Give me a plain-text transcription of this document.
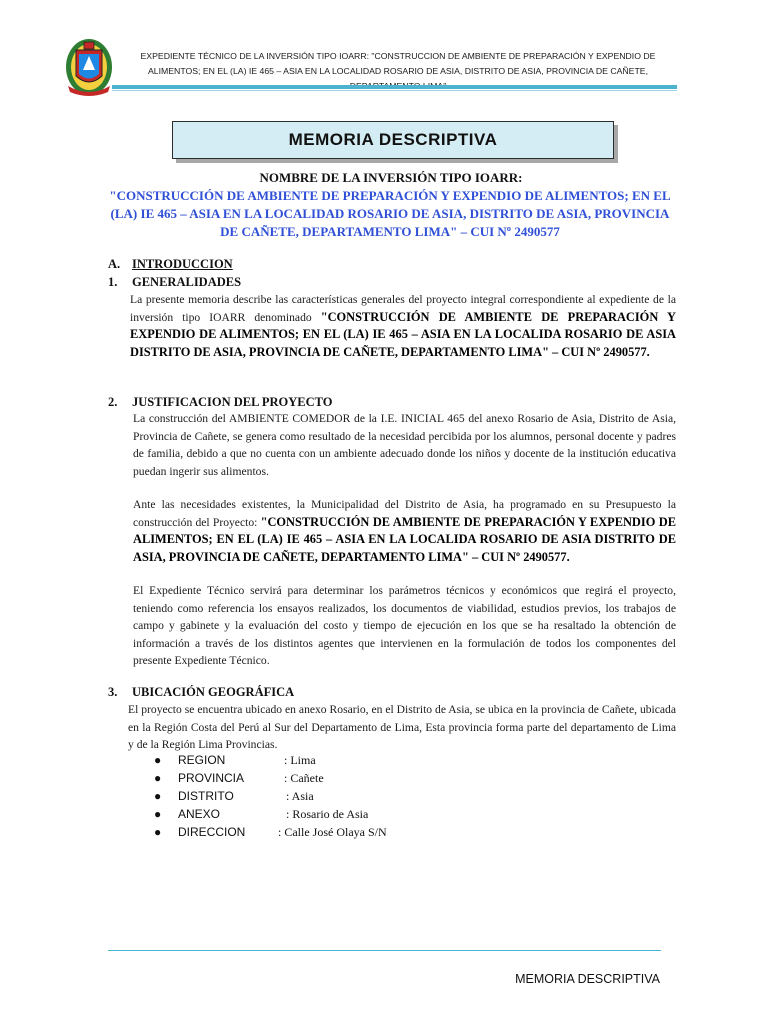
EXPEDIENTE TÉCNICO DE LA INVERSIÓN TIPO IOARR: "CONSTRUCCION DE AMBIENTE DE PREPARACIÓN Y EXPENDIO DE ALIMENTOS; EN EL (LA) IE 465 – ASIA EN LA LOCALIDAD ROSARIO DE ASIA, DISTRITO DE ASIA, PROVINCIA DE CAÑETE,
MEMORIA DESCRIPTIVA
NOMBRE DE LA INVERSIÓN TIPO IOARR:
"CONSTRUCCIÓN DE AMBIENTE DE PREPARACIÓN Y EXPENDIO DE ALIMENTOS; EN EL (LA) IE 465 – ASIA EN LA LOCALIDAD ROSARIO DE ASIA, DISTRITO DE ASIA, PROVINCIA DE CAÑETE, DEPARTAMENTO LIMA" – CUI Nº 2490577
A. INTRODUCCION
1. GENERALIDADES
La presente memoria describe las características generales del proyecto integral correspondiente al expediente de la inversión tipo IOARR denominado "CONSTRUCCIÓN DE AMBIENTE DE PREPARACIÓN Y EXPENDIO DE ALIMENTOS; EN EL (LA) IE 465 – ASIA EN LA LOCALIDA ROSARIO DE ASIA DISTRITO DE ASIA, PROVINCIA DE CAÑETE, DEPARTAMENTO LIMA" – CUI Nº 2490577.
2. JUSTIFICACION DEL PROYECTO
La construcción del AMBIENTE COMEDOR de la I.E. INICIAL 465 del anexo Rosario de Asia, Distrito de Asia, Provincia de Cañete, se genera como resultado de la necesidad percibida por los alumnos, personal docente y padres de familia, debido a que no cuenta con un ambiente adecuado donde los niños y docente de la institución educativa puedan ingerir sus alimentos.
Ante las necesidades existentes, la Municipalidad del Distrito de Asia, ha programado en su Presupuesto la construcción del Proyecto: "CONSTRUCCIÓN DE AMBIENTE DE PREPARACIÓN Y EXPENDIO DE ALIMENTOS; EN EL (LA) IE 465 – ASIA EN LA LOCALIDA ROSARIO DE ASIA DISTRITO DE ASIA, PROVINCIA DE CAÑETE, DEPARTAMENTO LIMA" – CUI Nº 2490577.
El Expediente Técnico servirá para determinar los parámetros técnicos y económicos que regirá el proyecto, teniendo como referencia los ensayos realizados, los documentos de viabilidad, estudios previos, los trabajos de campo y gabinete y la evaluación del costo y tiempo de ejecución en los que se ha resaltado la obtención de información a través de los distintos agentes que intervienen en la formulación de todos los componentes del presente Expediente Técnico.
3. UBICACIÓN GEOGRÁFICA
El proyecto se encuentra ubicado en anexo Rosario, en el Distrito de Asia, se ubica en la provincia de Cañete, ubicada en la Región Costa del Perú al Sur del Departamento de Lima, Esta provincia forma parte del departamento de Lima y de la Región Lima Provincias.
● REGION	: Lima
● PROVINCIA	: Cañete
● DISTRITO	: Asia
● ANEXO	: Rosario de Asia
● DIRECCION	: Calle José Olaya S/N
MEMORIA DESCRIPTIVA
